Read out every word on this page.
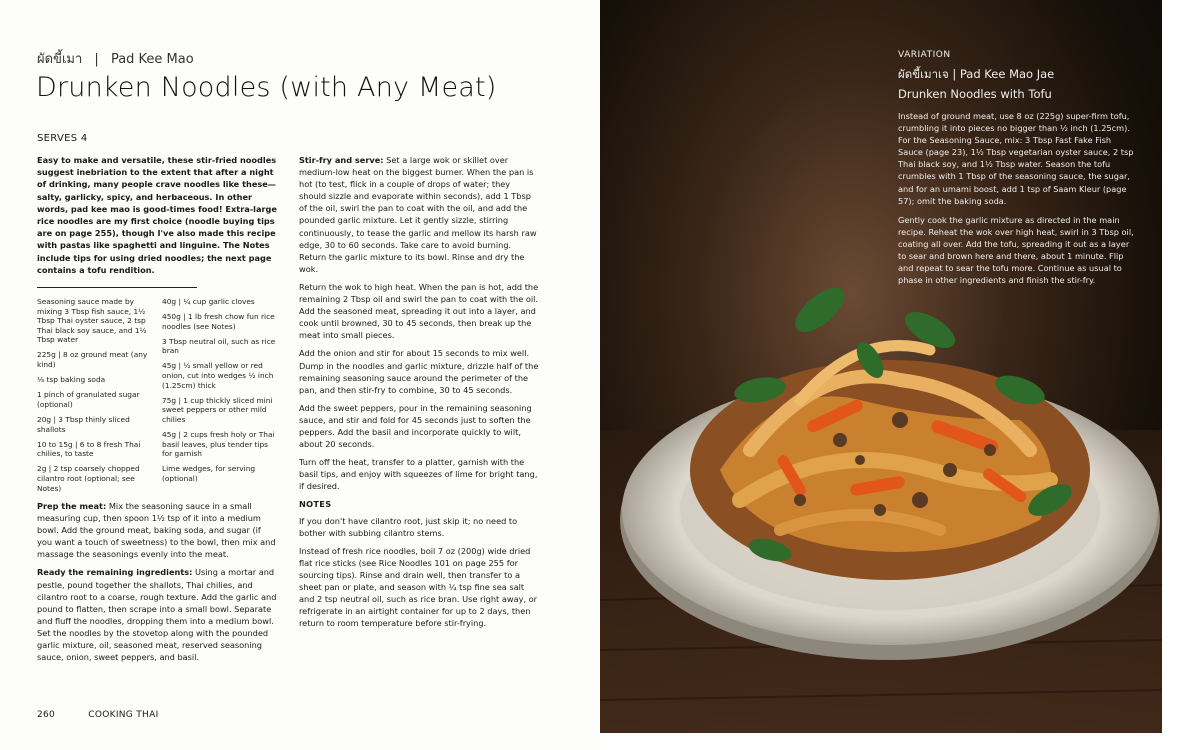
ผัดขี้เมา | Pad Kee Mao
Drunken Noodles (with Any Meat)
SERVES 4
Easy to make and versatile, these stir-fried noodles suggest inebriation to the extent that after a night of drinking, many people crave noodles like these—salty, garlicky, spicy, and herbaceous. In other words, pad kee mao is good-times food! Extra-large rice noodles are my first choice (noodle buying tips are on page 255), though I've also made this recipe with pastas like spaghetti and linguine. The Notes include tips for using dried noodles; the next page contains a tofu rendition.
Seasoning sauce made by mixing 3 Tbsp fish sauce, 1½ Tbsp Thai oyster sauce, 2 tsp Thai black soy sauce, and 1½ Tbsp water
225g | 8 oz ground meat (any kind)
⅛ tsp baking soda
1 pinch of granulated sugar (optional)
20g | 3 Tbsp thinly sliced shallots
10 to 15g | 6 to 8 fresh Thai chilies, to taste
2g | 2 tsp coarsely chopped cilantro root (optional; see Notes)
40g | ¼ cup garlic cloves
450g | 1 lb fresh chow fun rice noodles (see Notes)
3 Tbsp neutral oil, such as rice bran
45g | ½ small yellow or red onion, cut into wedges ½ inch (1.25cm) thick
75g | 1 cup thickly sliced mini sweet peppers or other mild chilies
45g | 2 cups fresh holy or Thai basil leaves, plus tender tips for garnish
Lime wedges, for serving (optional)

Prep the meat: Mix the seasoning sauce in a small measuring cup, then spoon 1½ tsp of it into a medium bowl. Add the ground meat, baking soda, and sugar (if you want a touch of sweetness) to the bowl, then mix and massage the seasonings evenly into the meat.

Ready the remaining ingredients: Using a mortar and pestle, pound together the shallots, Thai chilies, and cilantro root to a coarse, rough texture. Add the garlic and pound to flatten, then scrape into a small bowl. Separate and fluff the noodles, dropping them into a medium bowl. Set the noodles by the stovetop along with the pounded garlic mixture, oil, seasoned meat, reserved seasoning sauce, onion, sweet peppers, and basil.

Stir-fry and serve: Set a large wok or skillet over medium-low heat on the biggest burner. When the pan is hot (to test, flick in a couple of drops of water; they should sizzle and evaporate within seconds), add 1 Tbsp of the oil, swirl the pan to coat with the oil, and add the pounded garlic mixture. Let it gently sizzle, stirring continuously, to tease the garlic and mellow its harsh raw edge, 30 to 60 seconds. Take care to avoid burning. Return the garlic mixture to its bowl. Rinse and dry the wok.

Return the wok to high heat. When the pan is hot, add the remaining 2 Tbsp oil and swirl the pan to coat with the oil. Add the seasoned meat, spreading it out into a layer, and cook until browned, 30 to 45 seconds, then break up the meat into small pieces.

Add the onion and stir for about 15 seconds to mix well. Dump in the noodles and garlic mixture, drizzle half of the remaining seasoning sauce around the perimeter of the pan, and then stir-fry to combine, 30 to 45 seconds.

Add the sweet peppers, pour in the remaining seasoning sauce, and stir and fold for 45 seconds just to soften the peppers. Add the basil and incorporate quickly to wilt, about 20 seconds.

Turn off the heat, transfer to a platter, garnish with the basil tips, and enjoy with squeezes of lime for bright tang, if desired.

NOTES

If you don't have cilantro root, just skip it; no need to bother with subbing cilantro stems.

Instead of fresh rice noodles, boil 7 oz (200g) wide dried flat rice sticks (see Rice Noodles 101 on page 255 for sourcing tips). Rinse and drain well, then transfer to a sheet pan or plate, and season with ¼ tsp fine sea salt and 2 tsp neutral oil, such as rice bran. Use right away, or refrigerate in an airtight container for up to 2 days, then return to room temperature before stir-frying.

260	COOKING THAI
VARIATION
ผัดขี้เมาเจ | Pad Kee Mao Jae
Drunken Noodles with Tofu

Instead of ground meat, use 8 oz (225g) super-firm tofu, crumbling it into pieces no bigger than ½ inch (1.25cm). For the Seasoning Sauce, mix: 3 Tbsp Fast Fake Fish Sauce (page 23), 1½ Tbsp vegetarian oyster sauce, 2 tsp Thai black soy, and 1½ Tbsp water. Season the tofu crumbles with 1 Tbsp of the seasoning sauce, the sugar, and for an umami boost, add 1 tsp of Saam Kleur (page 57); omit the baking soda.

Gently cook the garlic mixture as directed in the main recipe. Reheat the wok over high heat, swirl in 3 Tbsp oil, coating all over. Add the tofu, spreading it out as a layer to sear and brown here and there, about 1 minute. Flip and repeat to sear the tofu more. Continue as usual to phase in other ingredients and finish the stir-fry.
